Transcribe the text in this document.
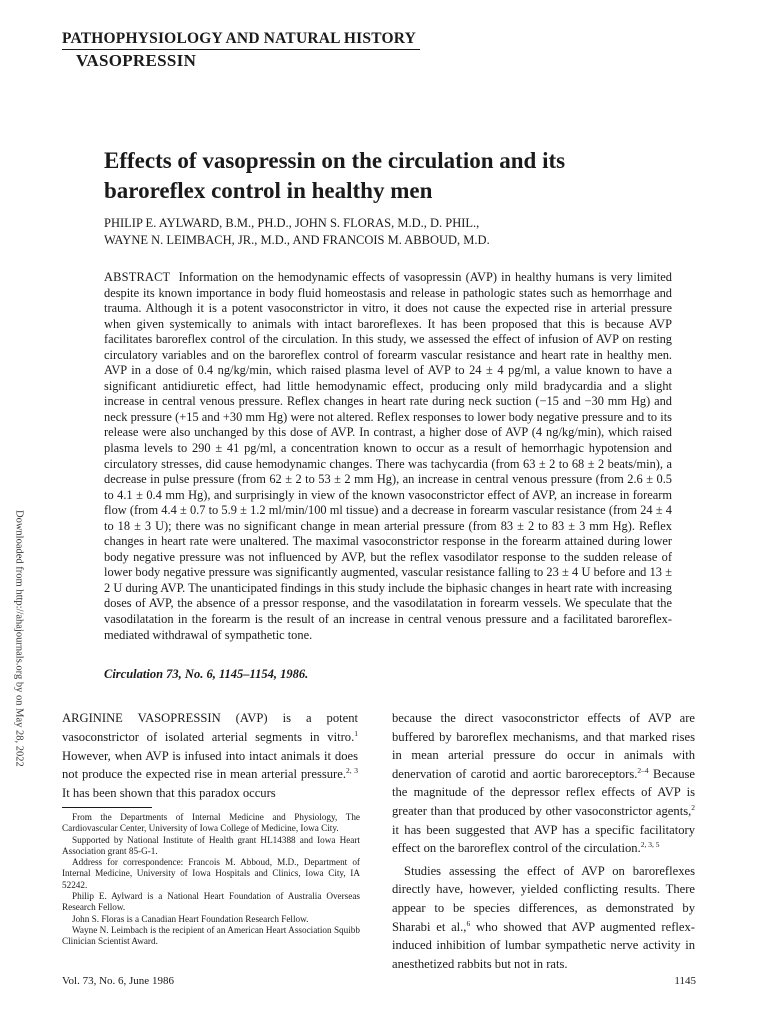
PATHOPHYSIOLOGY AND NATURAL HISTORY
VASOPRESSIN
Effects of vasopressin on the circulation and its baroreflex control in healthy men
PHILIP E. AYLWARD, B.M., PH.D., JOHN S. FLORAS, M.D., D. PHIL.,
WAYNE N. LEIMBACH, JR., M.D., AND FRANCOIS M. ABBOUD, M.D.
ABSTRACT Information on the hemodynamic effects of vasopressin (AVP) in healthy humans is very limited despite its known importance in body fluid homeostasis and release in pathologic states such as hemorrhage and trauma. Although it is a potent vasoconstrictor in vitro, it does not cause the expected rise in arterial pressure when given systemically to animals with intact baroreflexes. It has been proposed that this is because AVP facilitates baroreflex control of the circulation. In this study, we assessed the effect of infusion of AVP on resting circulatory variables and on the baroreflex control of forearm vascular resistance and heart rate in healthy men. AVP in a dose of 0.4 ng/kg/min, which raised plasma level of AVP to 24 ± 4 pg/ml, a value known to have a significant antidiuretic effect, had little hemodynamic effect, producing only mild bradycardia and a slight increase in central venous pressure. Reflex changes in heart rate during neck suction (−15 and −30 mm Hg) and neck pressure (+15 and +30 mm Hg) were not altered. Reflex responses to lower body negative pressure and to its release were also unchanged by this dose of AVP. In contrast, a higher dose of AVP (4 ng/kg/min), which raised plasma levels to 290 ± 41 pg/ml, a concentration known to occur as a result of hemorrhagic hypotension and circulatory stresses, did cause hemodynamic changes. There was tachycardia (from 63 ± 2 to 68 ± 2 beats/min), a decrease in pulse pressure (from 62 ± 2 to 53 ± 2 mm Hg), an increase in central venous pressure (from 2.6 ± 0.5 to 4.1 ± 0.4 mm Hg), and surprisingly in view of the known vasoconstrictor effect of AVP, an increase in forearm flow (from 4.4 ± 0.7 to 5.9 ± 1.2 ml/min/100 ml tissue) and a decrease in forearm vascular resistance (from 24 ± 4 to 18 ± 3 U); there was no significant change in mean arterial pressure (from 83 ± 2 to 83 ± 3 mm Hg). Reflex changes in heart rate were unaltered. The maximal vasoconstrictor response in the forearm attained during lower body negative pressure was not influenced by AVP, but the reflex vasodilator response to the sudden release of lower body negative pressure was significantly augmented, vascular resistance falling to 23 ± 4 U before and 13 ± 2 U during AVP. The unanticipated findings in this study include the biphasic changes in heart rate with increasing doses of AVP, the absence of a pressor response, and the vasodilatation in forearm vessels. We speculate that the vasodilatation in the forearm is the result of an increase in central venous pressure and a facilitated baroreflex-mediated withdrawal of sympathetic tone.
Circulation 73, No. 6, 1145–1154, 1986.
ARGININE VASOPRESSIN (AVP) is a potent vasoconstrictor of isolated arterial segments in vitro.$^1$ However, when AVP is infused into intact animals it does not produce the expected rise in mean arterial pressure.$^{2, 3}$ It has been shown that this paradox occurs

From the Departments of Internal Medicine and Physiology, The Cardiovascular Center, University of Iowa College of Medicine, Iowa City.

Supported by National Institute of Health grant HL14388 and Iowa Heart Association grant 85-G-1.

Address for correspondence: Francois M. Abboud, M.D., Department of Internal Medicine, University of Iowa Hospitals and Clinics, Iowa City, IA 52242.

Philip E. Aylward is a National Heart Foundation of Australia Overseas Research Fellow.

John S. Floras is a Canadian Heart Foundation Research Fellow.

Wayne N. Leimbach is the recipient of an American Heart Association Squibb Clinician Scientist Award.

because the direct vasoconstrictor effects of AVP are buffered by baroreflex mechanisms, and that marked rises in mean arterial pressure do occur in animals with denervation of carotid and aortic baroreceptors.$^{2-4}$ Because the magnitude of the depressor reflex effects of AVP is greater than that produced by other vasoconstrictor agents,$^2$ it has been suggested that AVP has a specific facilitatory effect on the baroreflex control of the circulation.$^{2, 3, 5}$

Studies assessing the effect of AVP on baroreflexes directly have, however, yielded conflicting results. There appear to be species differences, as demonstrated by Sharabi et al.,$^6$ who showed that AVP augmented reflex-induced inhibition of lumbar sympathetic nerve activity in anesthetized rabbits but not in rats.

Vol. 73, No. 6, June 1986	1145
Downloaded from http://ahajournals.org by on May 28, 2022
